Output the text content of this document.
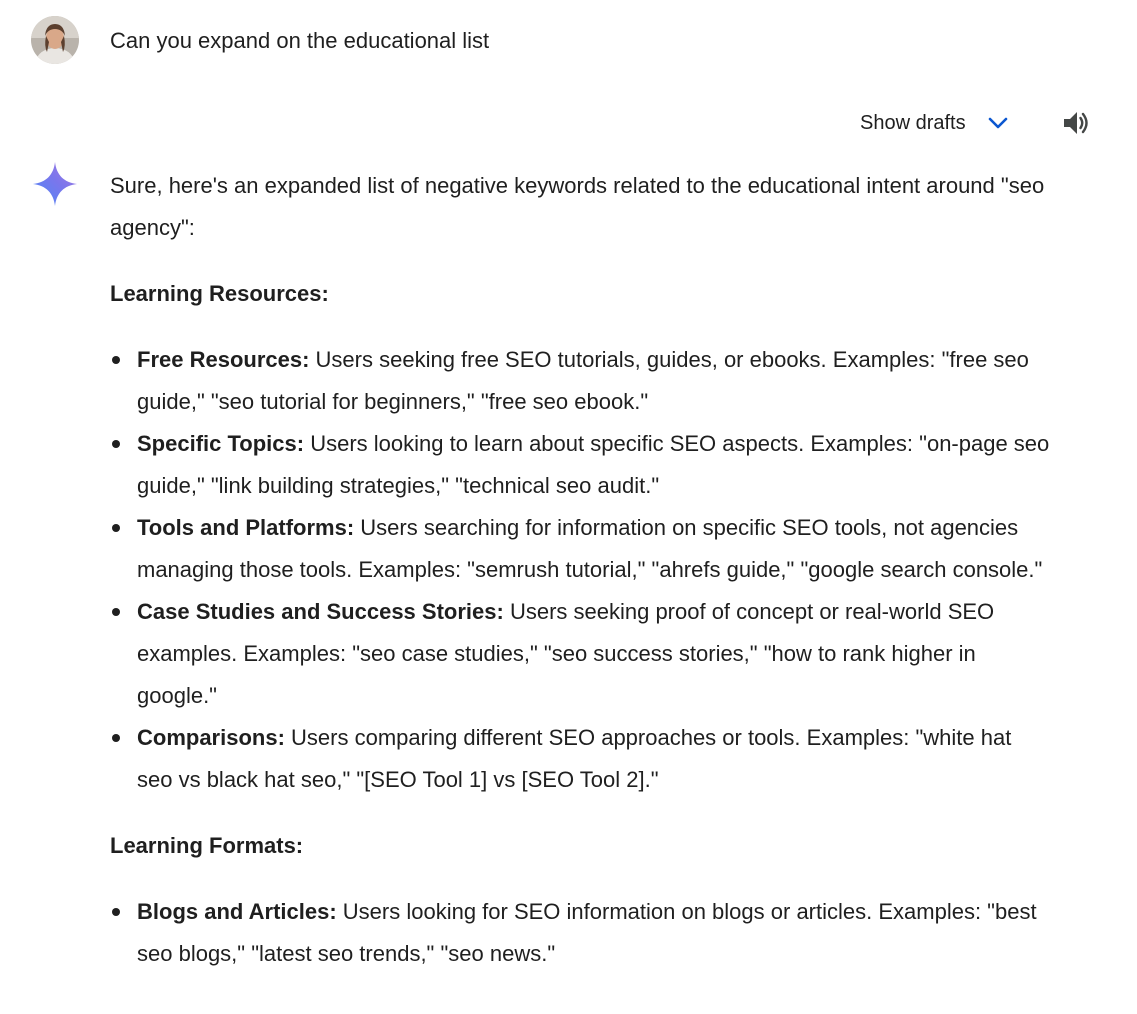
Can you expand on the educational list
Show drafts

Sure, here's an expanded list of negative keywords related to the educational intent around "seo agency":

Learning Resources:

Free Resources: Users seeking free SEO tutorials, guides, or ebooks. Examples: "free seo guide," "seo tutorial for beginners," "free seo ebook."
Specific Topics: Users looking to learn about specific SEO aspects. Examples: "on-page seo guide," "link building strategies," "technical seo audit."
Tools and Platforms: Users searching for information on specific SEO tools, not agencies managing those tools. Examples: "semrush tutorial," "ahrefs guide," "google search console."
Case Studies and Success Stories: Users seeking proof of concept or real-world SEO examples. Examples: "seo case studies," "seo success stories," "how to rank higher in google."
Comparisons: Users comparing different SEO approaches or tools. Examples: "white hat seo vs black hat seo," "[SEO Tool 1] vs [SEO Tool 2]."

Learning Formats:

Blogs and Articles: Users looking for SEO information on blogs or articles. Examples: "best seo blogs," "latest seo trends," "seo news."
